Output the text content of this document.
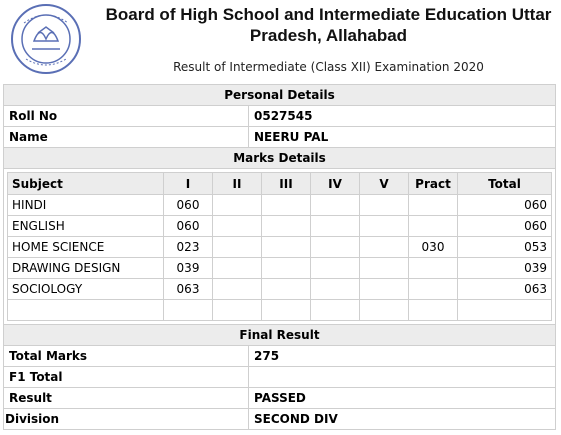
Board of High School and Intermediate Education Uttar Pradesh, Allahabad
Result of Intermediate (Class XII) Examination 2020
Personal Details
Roll No	0527545
Name	NEERU PAL
Marks Details

Subject	I	II	III	IV	V	Pract	Total
HINDI	060						060
ENGLISH	060						060
HOME SCIENCE	023					030	053
DRAWING DESIGN	039						039
SOCIOLOGY	063						063

Final Result
Total Marks	275
F1 Total	
Result	PASSED
Division	SECOND DIV
